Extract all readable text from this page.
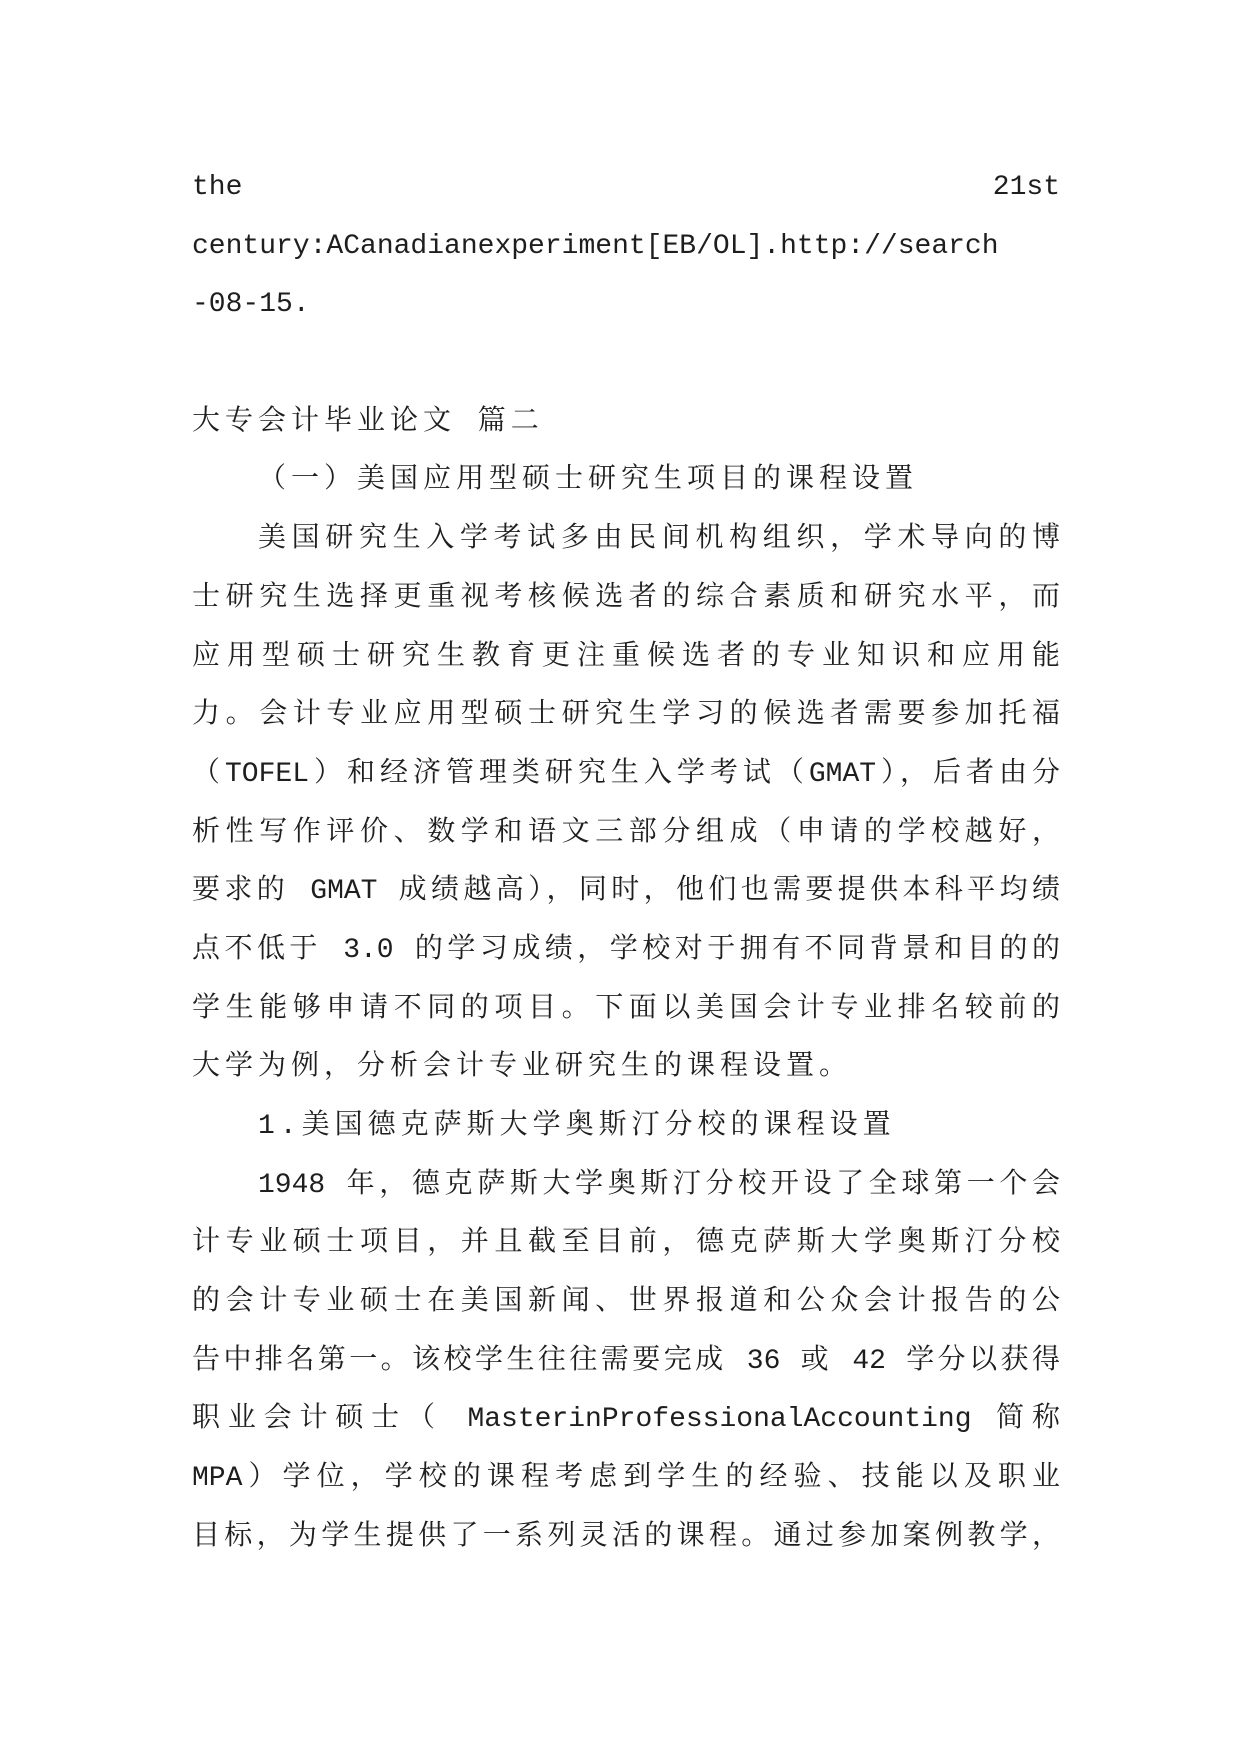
the 21st
century:ACanadianexperiment[EB/OL].http://search
-08-15.
大专会计毕业论文 篇二
（一）美国应用型硕士研究生项目的课程设置
美国研究生入学考试多由民间机构组织，学术导向的博
士研究生选择更重视考核候选者的综合素质和研究水平，而
应用型硕士研究生教育更注重候选者的专业知识和应用能
力。会计专业应用型硕士研究生学习的候选者需要参加托福
（TOFEL）和经济管理类研究生入学考试（GMAT），后者由分
析性写作评价、数学和语文三部分组成（申请的学校越好，
要求的 GMAT 成绩越高），同时，他们也需要提供本科平均绩
点不低于 3.0 的学习成绩，学校对于拥有不同背景和目的的
学生能够申请不同的项目。下面以美国会计专业排名较前的
大学为例，分析会计专业研究生的课程设置。
1.美国德克萨斯大学奥斯汀分校的课程设置
1948 年，德克萨斯大学奥斯汀分校开设了全球第一个会
计专业硕士项目，并且截至目前，德克萨斯大学奥斯汀分校
的会计专业硕士在美国新闻、世界报道和公众会计报告的公
告中排名第一。该校学生往往需要完成 36 或 42 学分以获得
职业会计硕士（ MasterinProfessionalAccounting 简称
MPA）学位，学校的课程考虑到学生的经验、技能以及职业
目标，为学生提供了一系列灵活的课程。通过参加案例教学，
